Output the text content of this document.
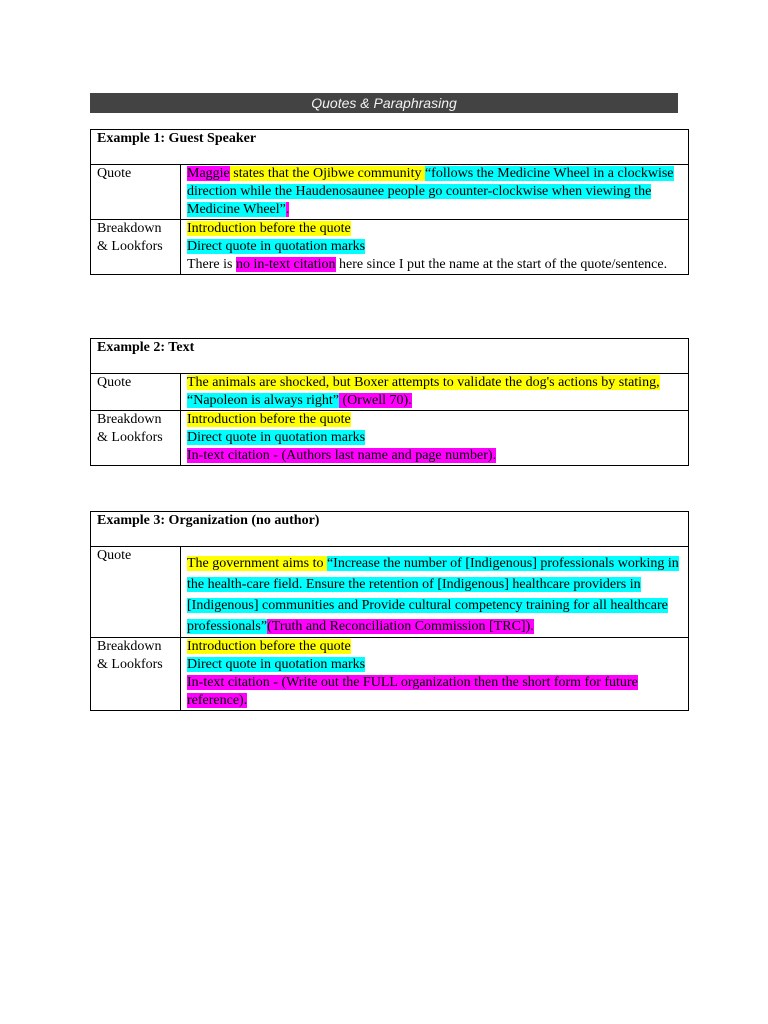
Quotes & Paraphrasing
Example 1: Guest Speaker	
Quote	Maggie states that the Ojibwe community “follows the Medicine Wheel in a clockwise direction while the Haudenosaunee people go counter-clockwise when viewing the Medicine Wheel”.
Breakdown & Lookfors	Introduction before the quote
Direct quote in quotation marks
There is no in-text citation here since I put the name at the start of the quote/sentence.
Example 2: Text	
Quote	The animals are shocked, but Boxer attempts to validate the dog's actions by stating, “Napoleon is always right” (Orwell 70).
Breakdown & Lookfors	Introduction before the quote
Direct quote in quotation marks
In-text citation - (Authors last name and page number).
Example 3: Organization (no author)	
Quote	The government aims to “Increase the number of [Indigenous] professionals working in the health-care field. Ensure the retention of [Indigenous] healthcare providers in [Indigenous] communities and Provide cultural competency training for all healthcare professionals”(Truth and Reconciliation Commission [TRC]).
Breakdown & Lookfors	Introduction before the quote
Direct quote in quotation marks
In-text citation - (Write out the FULL organization then the short form for future reference).
